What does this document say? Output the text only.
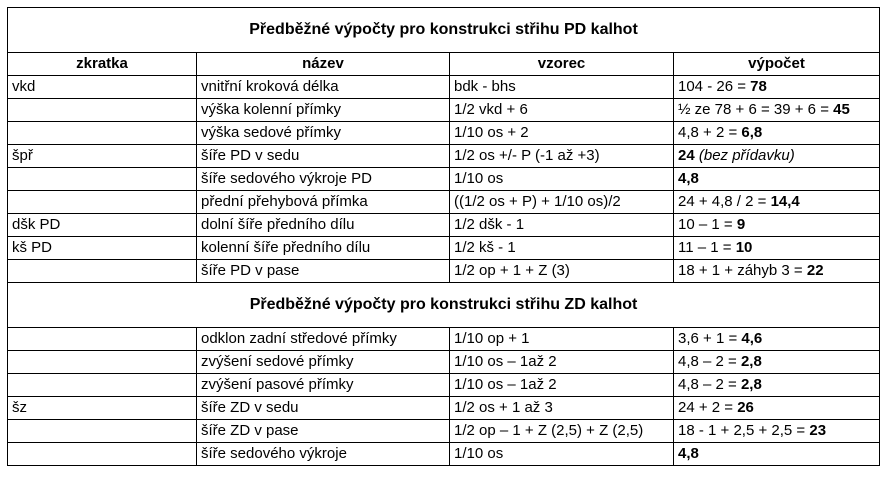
Předběžné výpočty pro konstrukci střihu PD kalhot			
zkratka	název	vzorec	výpočet
vkd	vnitřní kroková délka	bdk - bhs	104 - 26 = 78
	výška kolenní přímky	1/2 vkd + 6	½ ze 78 + 6 = 39 + 6 = 45
	výška sedové přímky	1/10 os + 2	4,8 + 2 = 6,8
špř	šíře PD v sedu	1/2 os +/- P (-1 až +3)	24 (bez přídavku)
	šíře sedového výkroje PD	1/10 os	4,8
	přední přehybová přímka	((1/2 os + P) + 1/10 os)/2	24 + 4,8 / 2 = 14,4
dšk PD	dolní šíře předního dílu	1/2 dšk - 1	10 – 1 = 9
kš PD	kolenní šíře předního dílu	1/2 kš - 1	11 – 1 = 10
	šíře PD v pase	1/2 op + 1 + Z (3)	18 + 1 + záhyb 3 = 22
Předběžné výpočty pro konstrukci střihu ZD kalhot			
	odklon zadní středové přímky	1/10 op + 1	3,6 + 1 = 4,6
	zvýšení sedové přímky	1/10 os – 1až 2	4,8 – 2 = 2,8
	zvýšení pasové přímky	1/10 os – 1až 2	4,8 – 2 = 2,8
šz	šíře ZD v sedu	1/2 os + 1 až 3	24 + 2 = 26
	šíře ZD v pase	1/2 op – 1 + Z (2,5) + Z (2,5)	18 - 1 + 2,5 + 2,5 = 23
	šíře sedového výkroje	1/10 os	4,8
